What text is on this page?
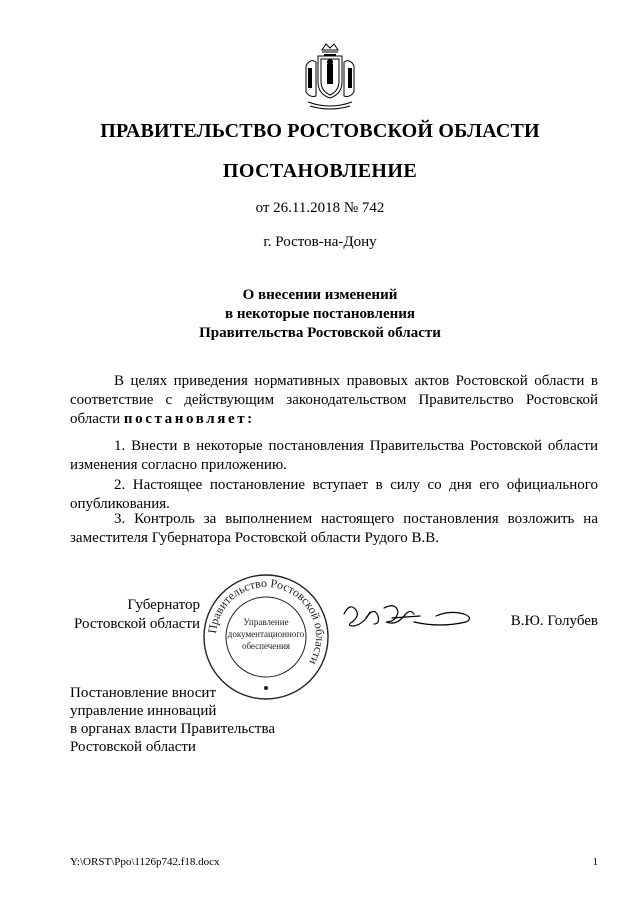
ПРАВИТЕЛЬСТВО РОСТОВСКОЙ ОБЛАСТИ
ПОСТАНОВЛЕНИЕ
от 26.11.2018 № 742
г. Ростов-на-Дону
О внесении изменений
в некоторые постановления
Правительства Ростовской области

В целях приведения нормативных правовых актов Ростовской области в соответствие с действующим законодательством Правительство Ростовской области постановляет:

1. Внести в некоторые постановления Правительства Ростовской области изменения согласно приложению.

2. Настоящее постановление вступает в силу со дня его официального опубликования.

3. Контроль за выполнением настоящего постановления возложить на заместителя Губернатора Ростовской области Рудого В.В.

Губернатор
Ростовской области Правительство Ростовской области
Управление
документационного
обеспечения
В.Ю. Голубев
Постановление вносит
управление инноваций
в органах власти Правительства
Ростовской области
Y:\ORST\Ppo\1126p742.f18.docx	1
